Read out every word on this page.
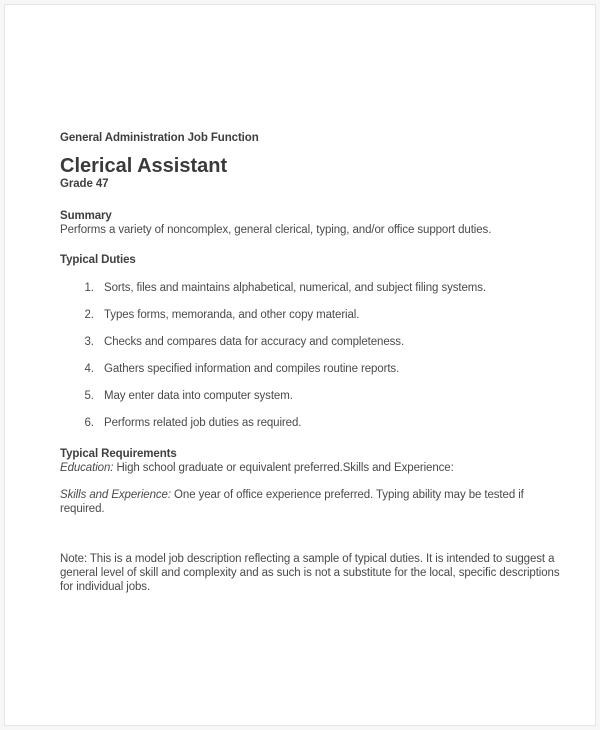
General Administration Job Function
Clerical Assistant
Grade 47
Summary

Performs a variety of noncomplex, general clerical, typing, and/or office support duties.

Typical Duties
1. Sorts, files and maintains alphabetical, numerical, and subject filing systems.
2. Types forms, memoranda, and other copy material.
3. Checks and compares data for accuracy and completeness.
4. Gathers specified information and compiles routine reports.
5. May enter data into computer system.
6. Performs related job duties as required.
Typical Requirements

Education: High school graduate or equivalent preferred.Skills and Experience:

Skills and Experience: One year of office experience preferred. Typing ability may be tested if required.

Note: This is a model job description reflecting a sample of typical duties. It is intended to suggest a general level of skill and complexity and as such is not a substitute for the local, specific descriptions for individual jobs.
